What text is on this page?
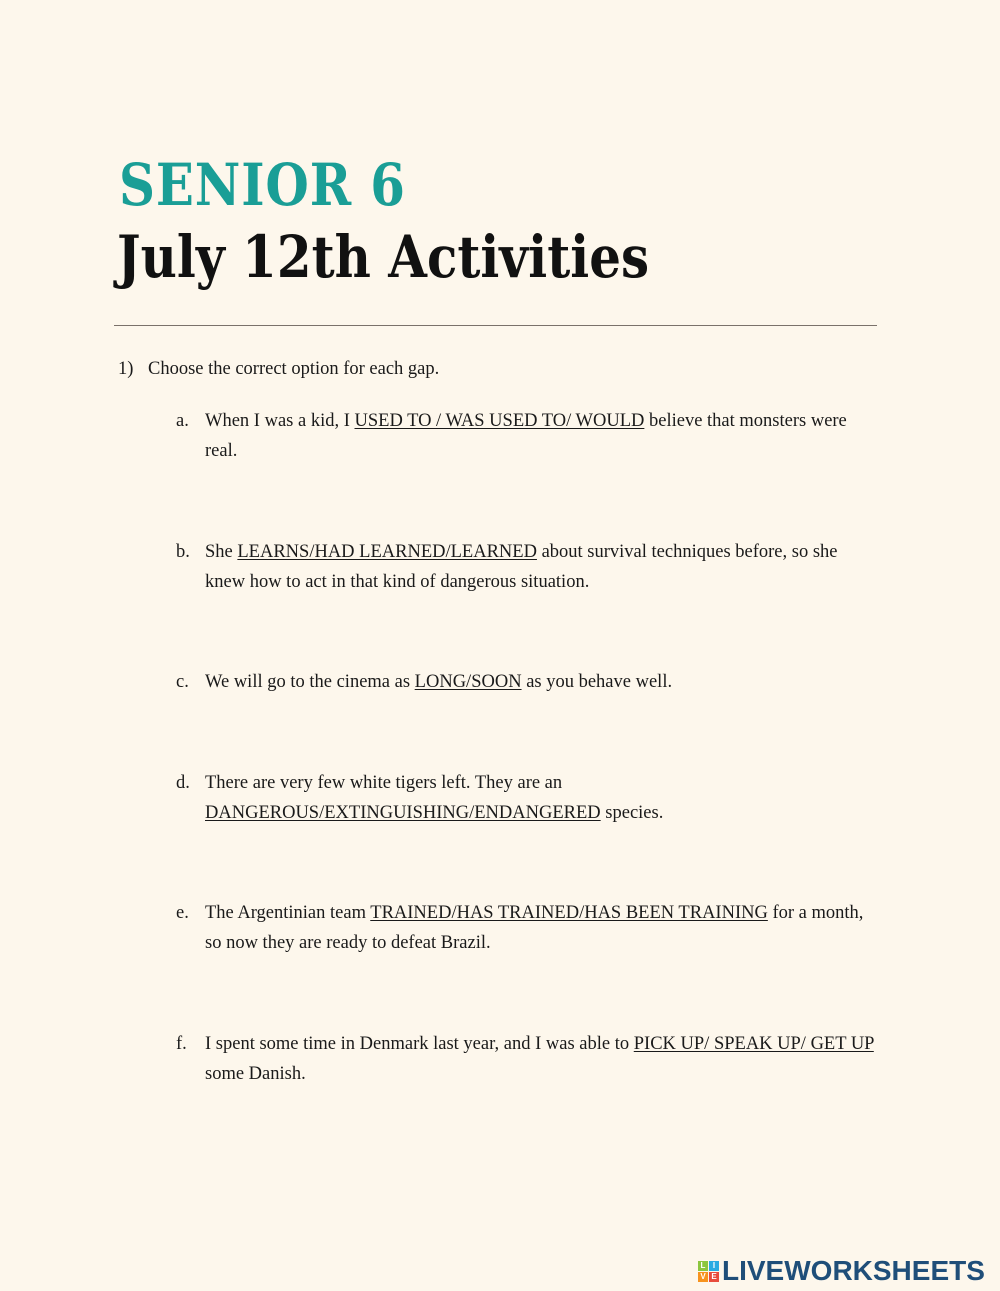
SENIOR 6
July 12th Activities
1) Choose the correct option for each gap.
a. When I was a kid, I USED TO / WAS USED TO/ WOULD believe that monsters were real.
b. She LEARNS/HAD LEARNED/LEARNED about survival techniques before, so she knew how to act in that kind of dangerous situation.
c. We will go to the cinema as LONG/SOON as you behave well.
d. There are very few white tigers left. They are an DANGEROUS/EXTINGUISHING/ENDANGERED species.
e. The Argentinian team TRAINED/HAS TRAINED/HAS BEEN TRAINING for a month, so now they are ready to defeat Brazil.
f. I spent some time in Denmark last year, and I was able to PICK UP/ SPEAK UP/ GET UP some Danish.
L I
V E LIVEWORKSHEETS
